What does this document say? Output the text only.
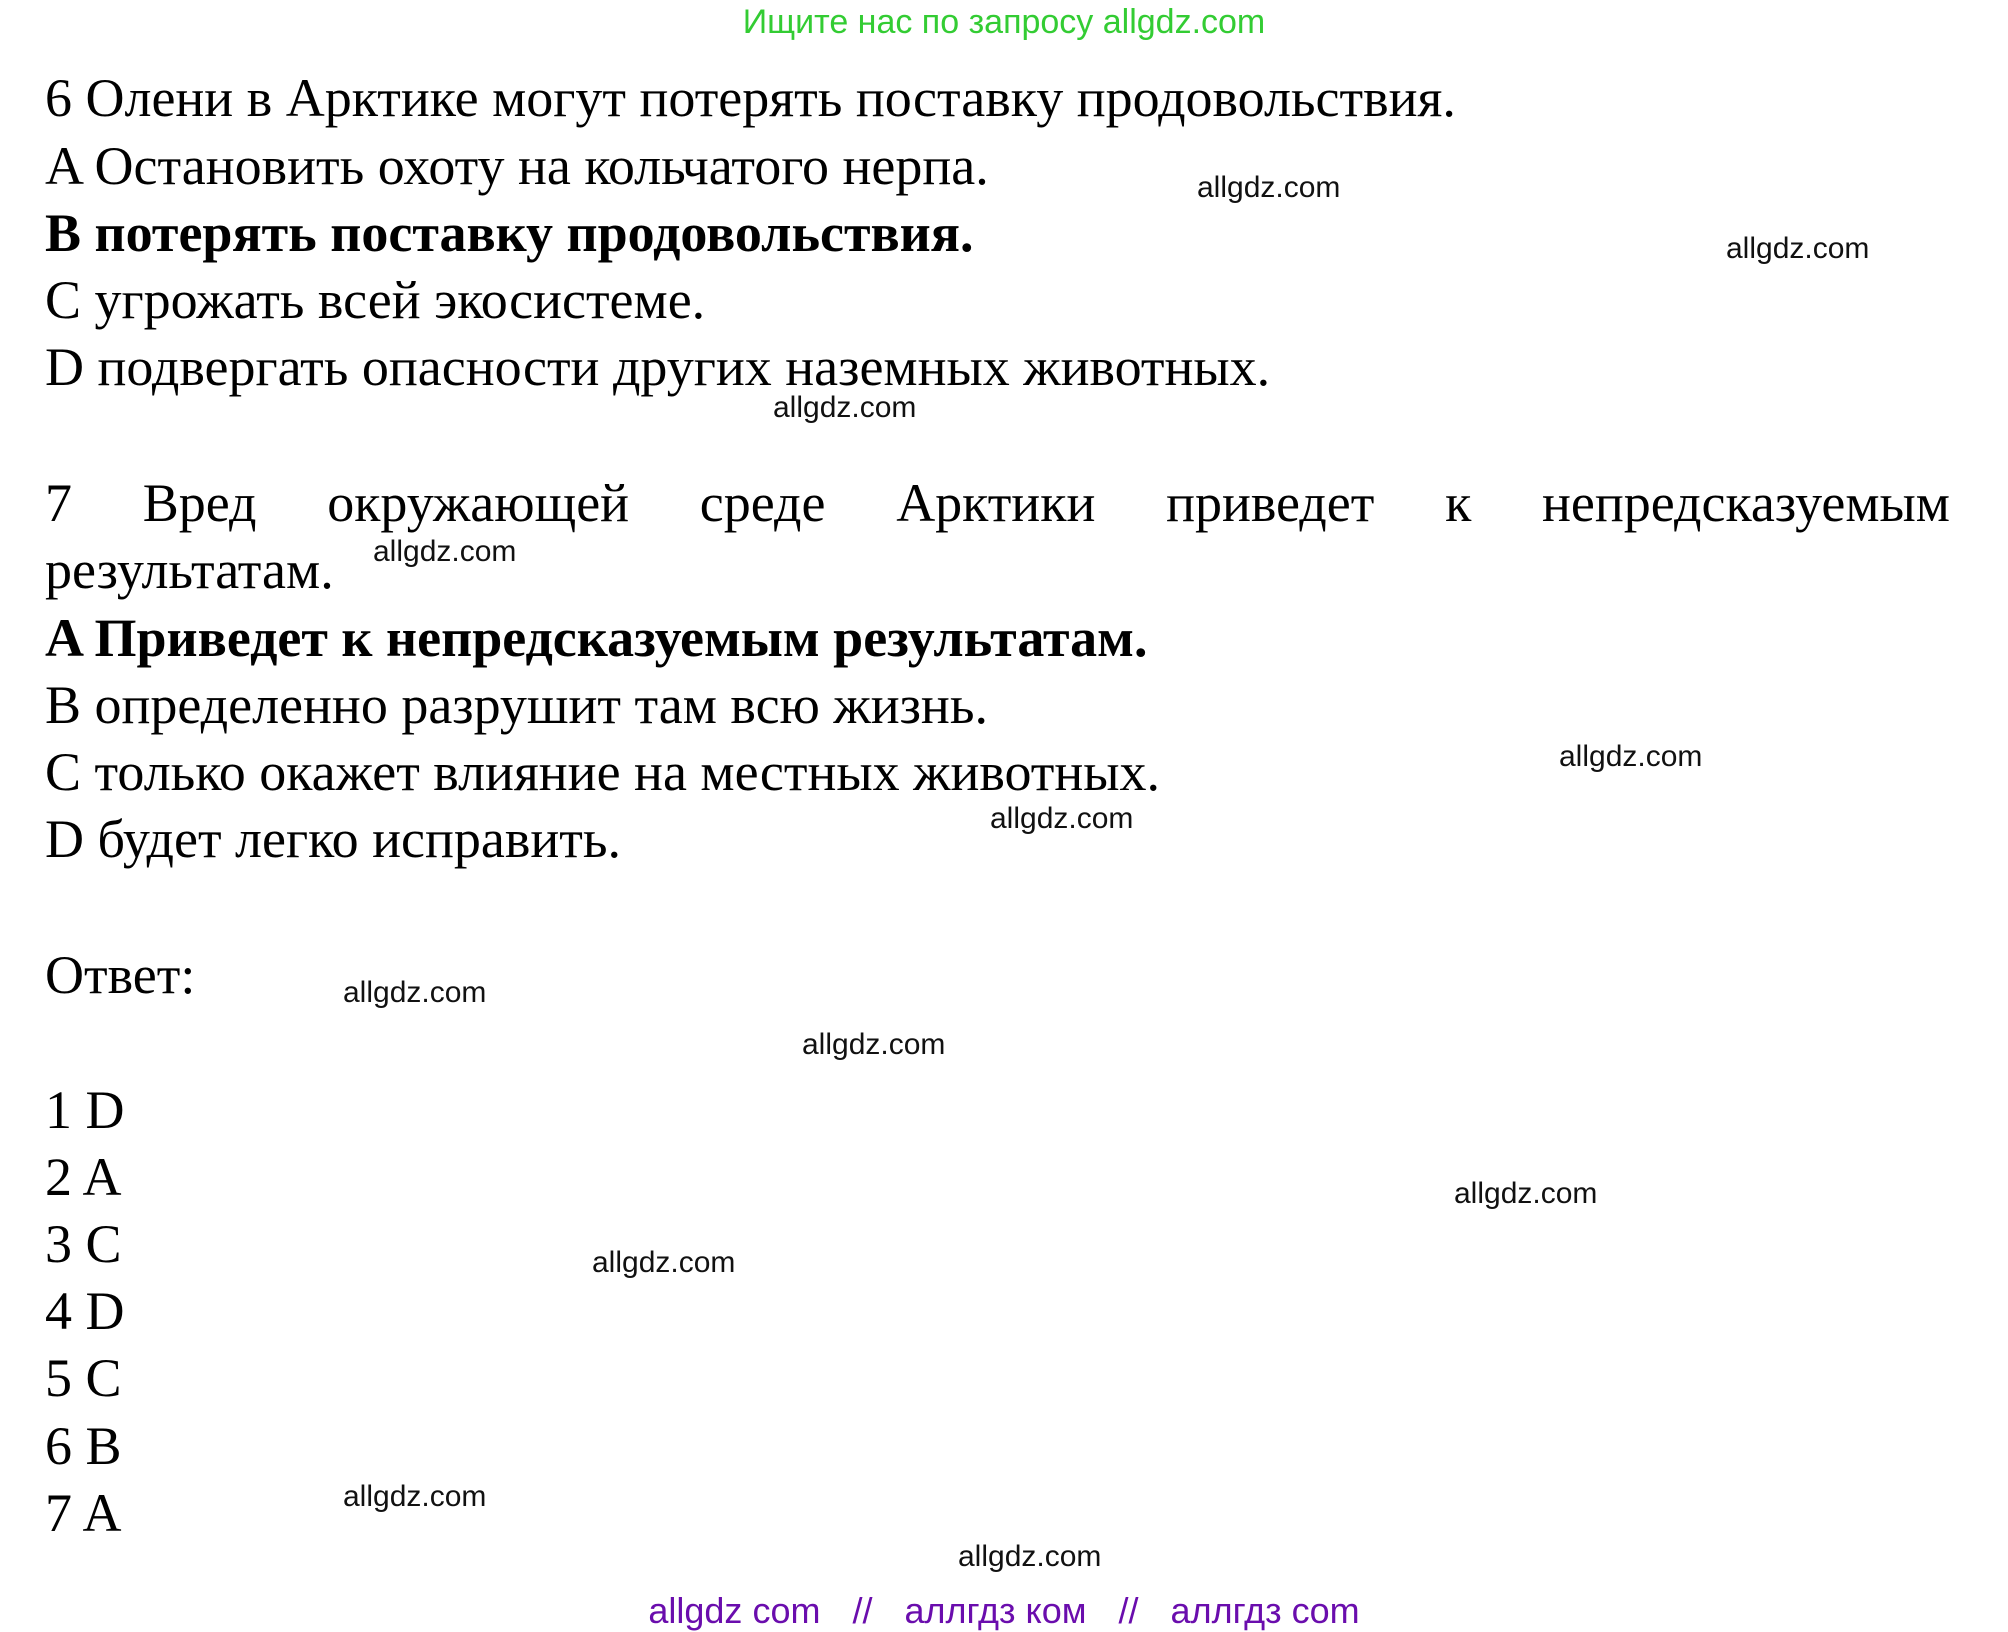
Ищите нас по запросу allgdz.com
6 Олени в Арктике могут потерять поставку продовольствия.
A Остановить охоту на кольчатого нерпа.
B потерять поставку продовольствия.
C угрожать всей экосистеме.
D подвергать опасности других наземных животных.
7 Вред окружающей среде Арктики приведет к непредсказуемым
результатам.
A Приведет к непредсказуемым результатам.
B определенно разрушит там всю жизнь.
C только окажет влияние на местных животных.
D будет легко исправить.
Ответ:
1 D
2 A
3 C
4 D
5 C
6 B
7 A
allgdz.com
allgdz.com
allgdz.com
allgdz.com
allgdz.com
allgdz.com
allgdz.com
allgdz.com
allgdz.com
allgdz.com
allgdz.com
allgdz.com
allgdz com // аллгдз ком // аллгдз com
